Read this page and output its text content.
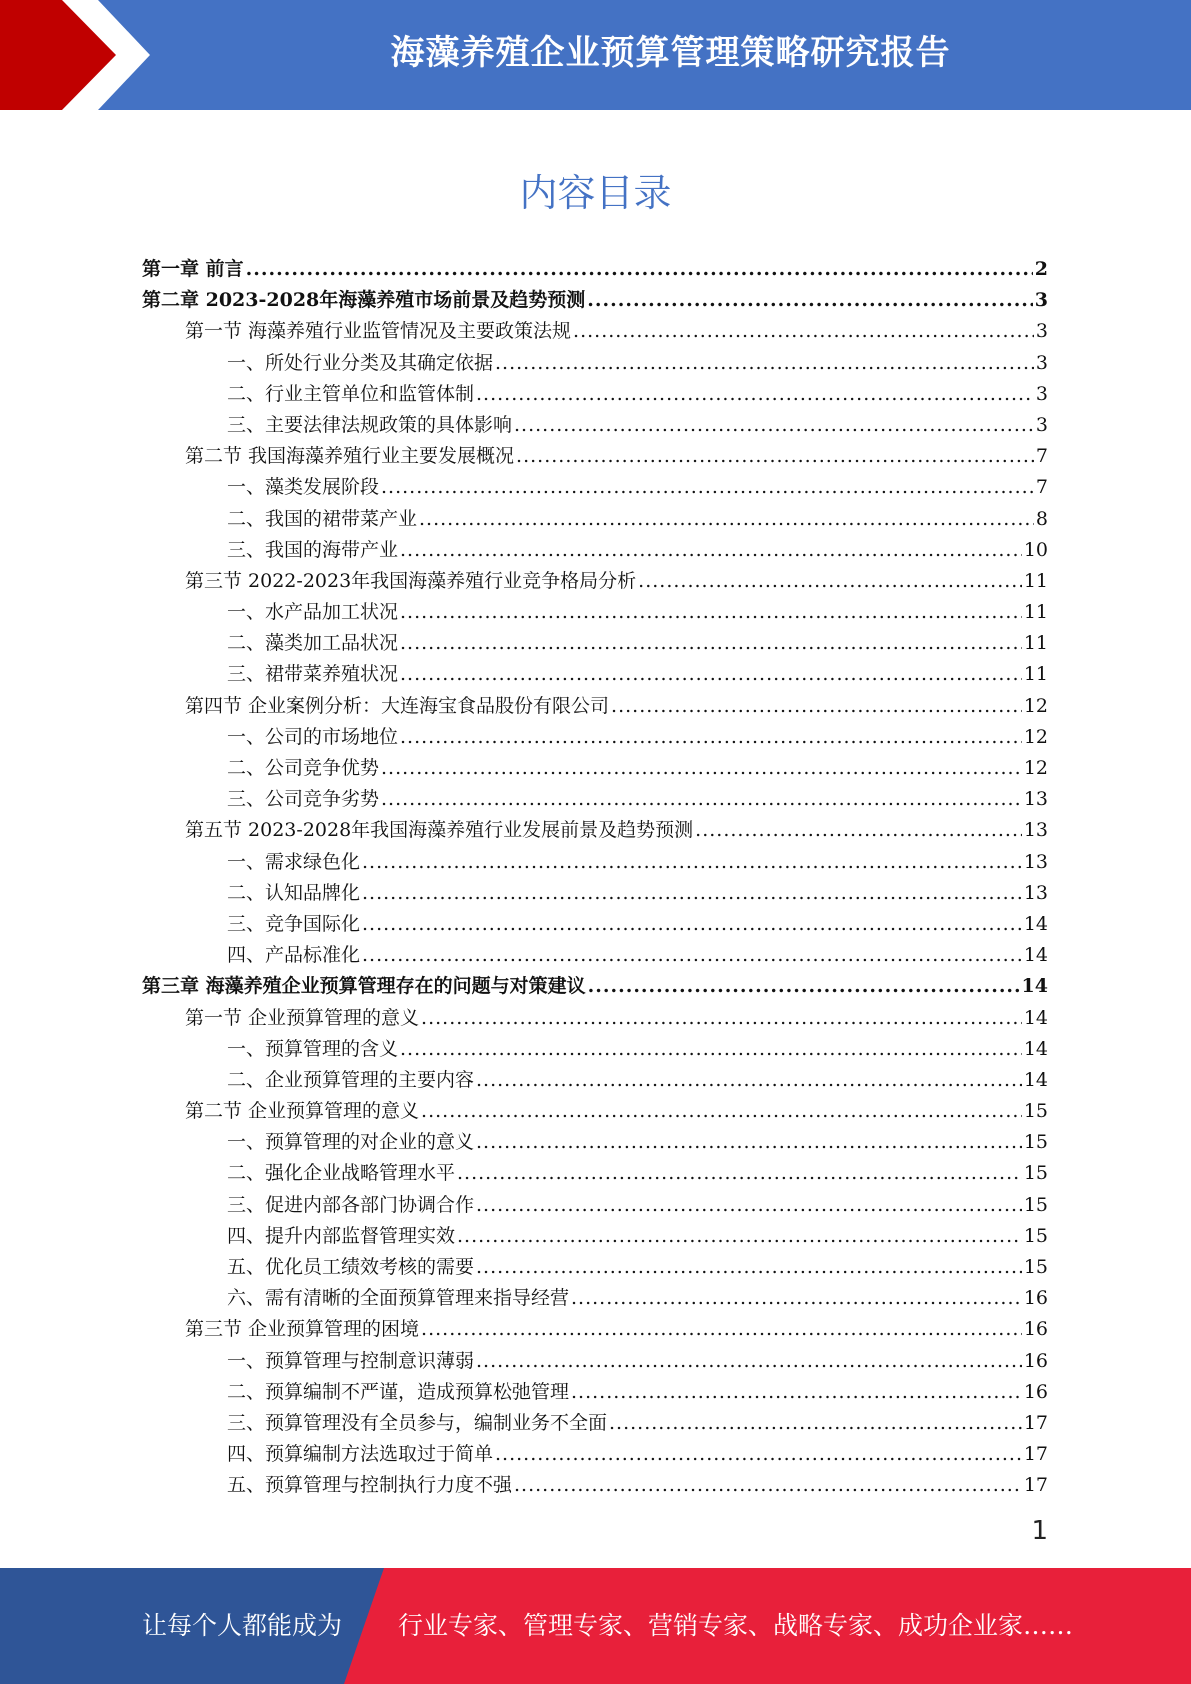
海藻养殖企业预算管理策略研究报告
内容目录
第一章 前言 .....	2
第二章 2023-2028年海藻养殖市场前景及趋势预测 .....	3
第一节 海藻养殖行业监管情况及主要政策法规 .....	3
一、所处行业分类及其确定依据 .....	3
二、行业主管单位和监管体制 .....	3
三、主要法律法规政策的具体影响 .....	3
第二节 我国海藻养殖行业主要发展概况 .....	7
一、藻类发展阶段 .....	7
二、我国的裙带菜产业 .....	8
三、我国的海带产业 .....	10
第三节 2022-2023年我国海藻养殖行业竞争格局分析 .....	11
一、水产品加工状况 .....	11
二、藻类加工品状况 .....	11
三、裙带菜养殖状况 .....	11
第四节 企业案例分析：大连海宝食品股份有限公司 .....	12
一、公司的市场地位 .....	12
二、公司竞争优势 .....	12
三、公司竞争劣势 .....	13
第五节 2023-2028年我国海藻养殖行业发展前景及趋势预测 .....	13
一、需求绿色化 .....	13
二、认知品牌化 .....	13
三、竞争国际化 .....	14
四、产品标准化 .....	14
第三章 海藻养殖企业预算管理存在的问题与对策建议 .....	14
第一节 企业预算管理的意义 .....	14
一、预算管理的含义 .....	14
二、企业预算管理的主要内容 .....	14
第二节 企业预算管理的意义 .....	15
一、预算管理的对企业的意义 .....	15
二、强化企业战略管理水平 .....	15
三、促进内部各部门协调合作 .....	15
四、提升内部监督管理实效 .....	15
五、优化员工绩效考核的需要 .....	15
六、需有清晰的全面预算管理来指导经营 .....	16
第三节 企业预算管理的困境 .....	16
一、预算管理与控制意识薄弱 .....	16
二、预算编制不严谨，造成预算松弛管理 .....	16
三、预算管理没有全员参与，编制业务不全面 .....	17
四、预算编制方法选取过于简单 .....	17
五、预算管理与控制执行力度不强 .....	17
1
让每个人都能成为 行业专家、管理专家、营销专家、战略专家、成功企业家……
